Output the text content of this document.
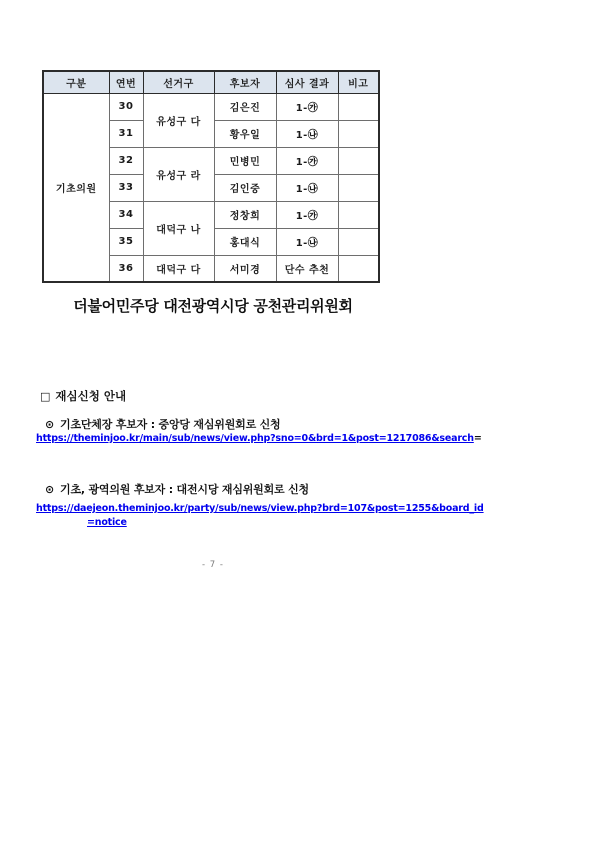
구분	연번	선거구	후보자	심사 결과	비고
기초의원	30	유성구 다	김은진	1-㉮	
	31		황우일	1-㉯	
	32	유성구 라	민병민	1-㉮	
	33		김인중	1-㉯	
	34	대덕구 나	정창희	1-㉮	
	35		홍대식	1-㉯	
	36	대덕구 다	서미경	단수 추천	
더불어민주당 대전광역시당 공천관리위원회
□ 재심신청 안내
⊙ 기초단체장 후보자 : 중앙당 재심위원회로 신청
https://theminjoo.kr/main/sub/news/view.php?sno=0&brd=1&post=1217086&search=
⊙ 기초, 광역의원 후보자 : 대전시당 재심위원회로 신청
https://daejeon.theminjoo.kr/party/sub/news/view.php?brd=107&post=1255&board_id
=notice
- 7 -
